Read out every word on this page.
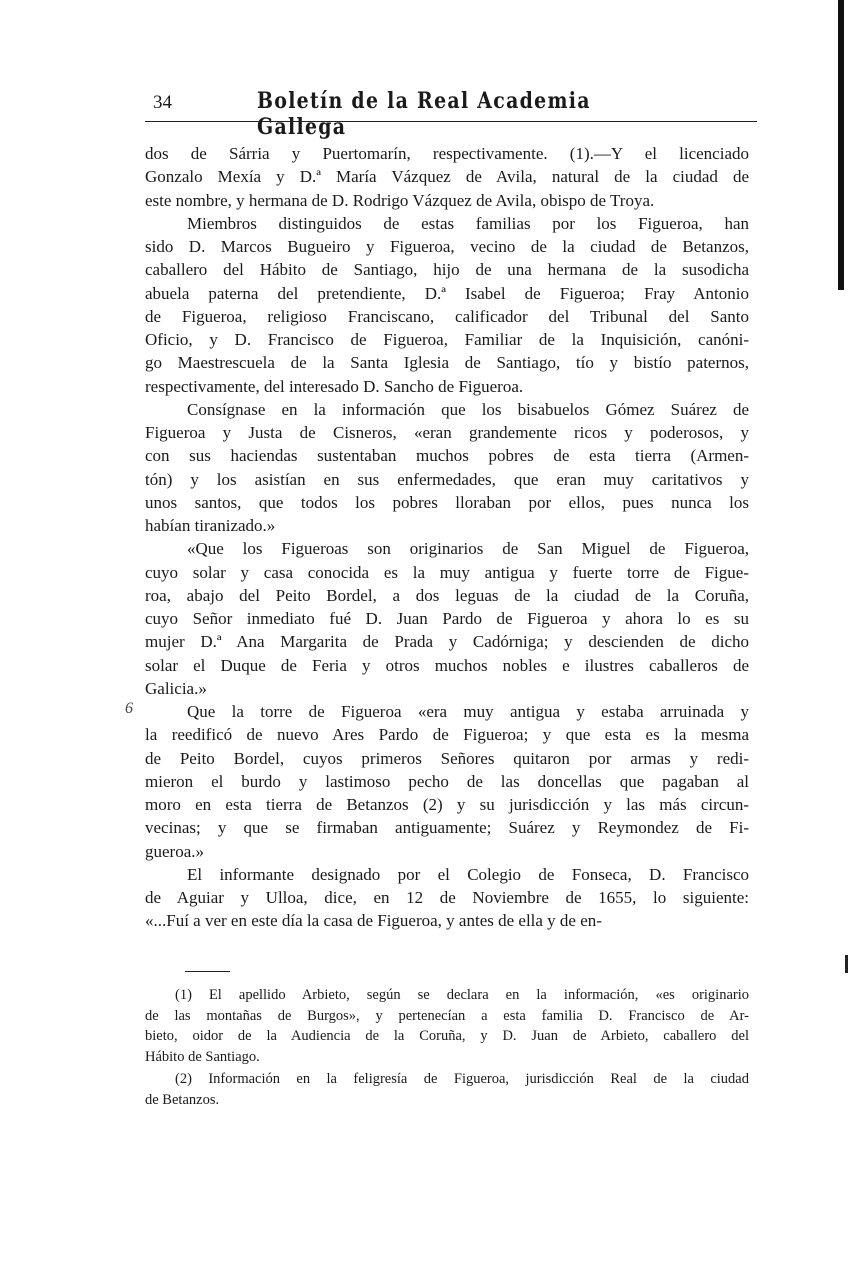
34	Boletín de la Real Academia Gallega
dos de Sárria y Puertomarín, respectivamente. (1).—Y el licenciado
Gonzalo Mexía y D.ª María Vázquez de Avila, natural de la ciudad de
este nombre, y hermana de D. Rodrigo Vázquez de Avila, obispo de Troya.
Miembros distinguidos de estas familias por los Figueroa, han
sido D. Marcos Bugueiro y Figueroa, vecino de la ciudad de Betanzos,
caballero del Hábito de Santiago, hijo de una hermana de la susodicha
abuela paterna del pretendiente, D.ª Isabel de Figueroa; Fray Antonio
de Figueroa, religioso Franciscano, calificador del Tribunal del Santo
Oficio, y D. Francisco de Figueroa, Familiar de la Inquisición, canóni-
go Maestrescuela de la Santa Iglesia de Santiago, tío y bistío paternos,
respectivamente, del interesado D. Sancho de Figueroa.
Consígnase en la información que los bisabuelos Gómez Suárez de
Figueroa y Justa de Cisneros, «eran grandemente ricos y poderosos, y
con sus haciendas sustentaban muchos pobres de esta tierra (Armen-
tón) y los asistían en sus enfermedades, que eran muy caritativos y
unos santos, que todos los pobres lloraban por ellos, pues nunca los
habían tiranizado.»
«Que los Figueroas son originarios de San Miguel de Figueroa,
cuyo solar y casa conocida es la muy antigua y fuerte torre de Figue-
roa, abajo del Peito Bordel, a dos leguas de la ciudad de la Coruña,
cuyo Señor inmediato fué D. Juan Pardo de Figueroa y ahora lo es su
mujer D.ª Ana Margarita de Prada y Cadórniga; y descienden de dicho
solar el Duque de Feria y otros muchos nobles e ilustres caballeros de
Galicia.»
Que la torre de Figueroa «era muy antigua y estaba arruinada y
la reedificó de nuevo Ares Pardo de Figueroa; y que esta es la mesma
de Peito Bordel, cuyos primeros Señores quitaron por armas y redi-
mieron el burdo y lastimoso pecho de las doncellas que pagaban al
moro en esta tierra de Betanzos (2) y su jurisdicción y las más circun-
vecinas; y que se firmaban antiguamente; Suárez y Reymondez de Fi-
gueroa.»
6
El informante designado por el Colegio de Fonseca, D. Francisco
de Aguiar y Ulloa, dice, en 12 de Noviembre de 1655, lo siguiente:
«...Fuí a ver en este día la casa de Figueroa, y antes de ella y de en-
(1) El apellido Arbieto, según se declara en la información, «es originario
de las montañas de Burgos», y pertenecían a esta familia D. Francisco de Ar-
bieto, oidor de la Audiencia de la Coruña, y D. Juan de Arbieto, caballero del
Hábito de Santiago.
(2) Información en la feligresía de Figueroa, jurisdicción Real de la ciudad
de Betanzos.
